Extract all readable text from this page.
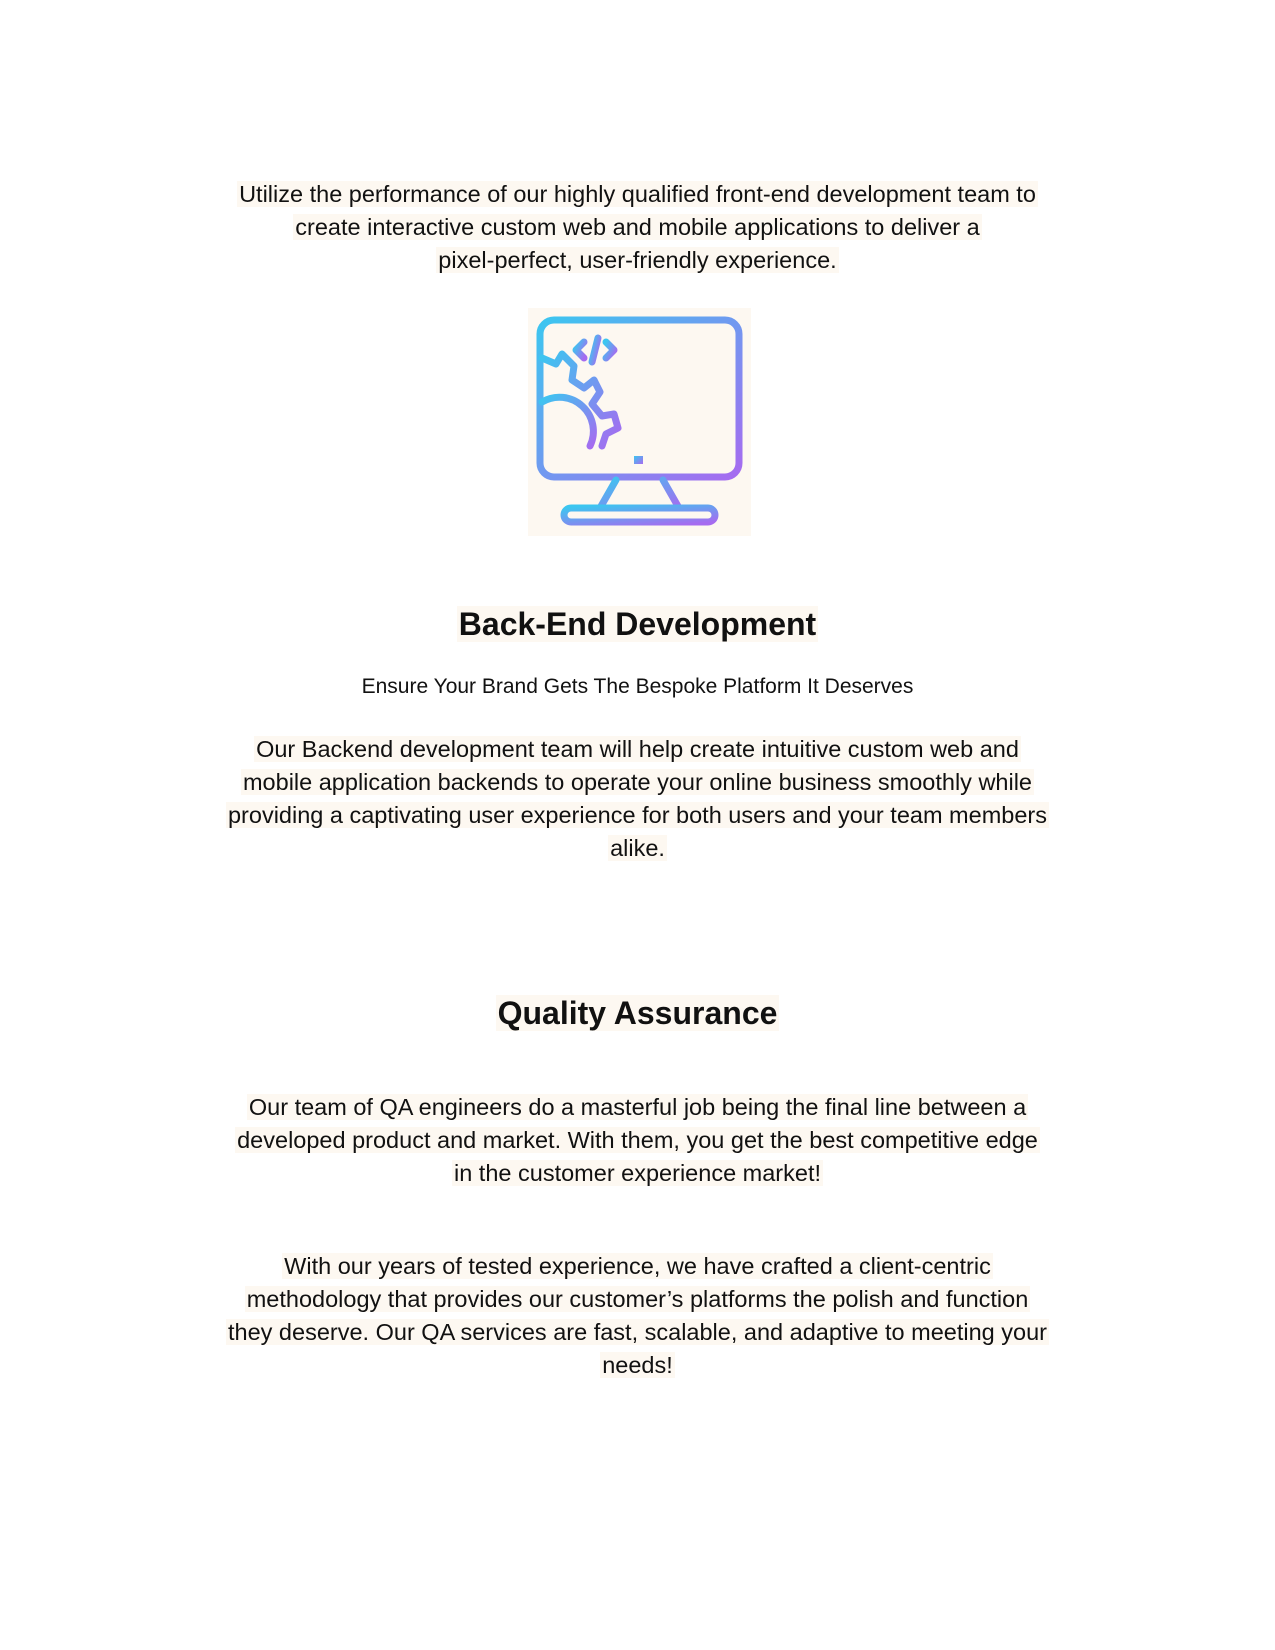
Utilize the performance of our highly qualified front-end development team to
create interactive custom web and mobile applications to deliver a
pixel-perfect, user-friendly experience.
Back-End Development
Ensure Your Brand Gets The Bespoke Platform It Deserves
Our Backend development team will help create intuitive custom web and
mobile application backends to operate your online business smoothly while
providing a captivating user experience for both users and your team members
alike.
Quality Assurance
Our team of QA engineers do a masterful job being the final line between a
developed product and market. With them, you get the best competitive edge
in the customer experience market!
With our years of tested experience, we have crafted a client-centric
methodology that provides our customer’s platforms the polish and function
they deserve. Our QA services are fast, scalable, and adaptive to meeting your
needs!
